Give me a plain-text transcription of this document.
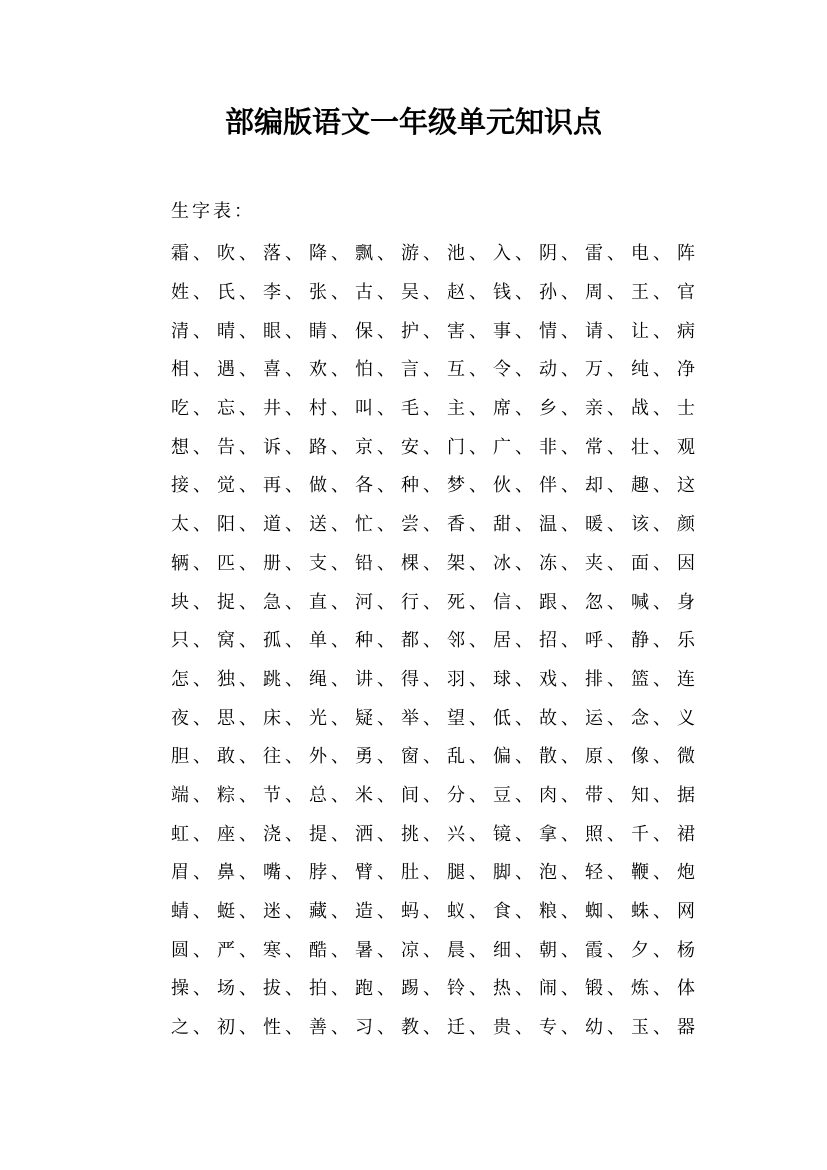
部编版语文一年级单元知识点
生字表：
霜 、 吹 、 落 、 降 、 飘 、 游 、 池 、 入 、 阴 、 雷 、 电 、 阵
姓 、 氏 、 李 、 张 、 古 、 吴 、 赵 、 钱 、 孙 、 周 、 王 、 官
清 、 晴 、 眼 、 睛 、 保 、 护 、 害 、 事 、 情 、 请 、 让 、 病
相 、 遇 、 喜 、 欢 、 怕 、 言 、 互 、 令 、 动 、 万 、 纯 、 净
吃 、 忘 、 井 、 村 、 叫 、 毛 、 主 、 席 、 乡 、 亲 、 战 、 士
想 、 告 、 诉 、 路 、 京 、 安 、 门 、 广 、 非 、 常 、 壮 、 观
接 、 觉 、 再 、 做 、 各 、 种 、 梦 、 伙 、 伴 、 却 、 趣 、 这
太 、 阳 、 道 、 送 、 忙 、 尝 、 香 、 甜 、 温 、 暖 、 该 、 颜
辆 、 匹 、 册 、 支 、 铅 、 棵 、 架 、 冰 、 冻 、 夹 、 面 、 因
块 、 捉 、 急 、 直 、 河 、 行 、 死 、 信 、 跟 、 忽 、 喊 、 身
只 、 窝 、 孤 、 单 、 种 、 都 、 邻 、 居 、 招 、 呼 、 静 、 乐
怎 、 独 、 跳 、 绳 、 讲 、 得 、 羽 、 球 、 戏 、 排 、 篮 、 连
夜 、 思 、 床 、 光 、 疑 、 举 、 望 、 低 、 故 、 运 、 念 、 义
胆 、 敢 、 往 、 外 、 勇 、 窗 、 乱 、 偏 、 散 、 原 、 像 、 微
端 、 粽 、 节 、 总 、 米 、 间 、 分 、 豆 、 肉 、 带 、 知 、 据
虹 、 座 、 浇 、 提 、 洒 、 挑 、 兴 、 镜 、 拿 、 照 、 千 、 裙
眉 、 鼻 、 嘴 、 脖 、 臂 、 肚 、 腿 、 脚 、 泡 、 轻 、 鞭 、 炮
蜻 、 蜓 、 迷 、 藏 、 造 、 蚂 、 蚁 、 食 、 粮 、 蜘 、 蛛 、 网
圆 、 严 、 寒 、 酷 、 暑 、 凉 、 晨 、 细 、 朝 、 霞 、 夕 、 杨
操 、 场 、 拔 、 拍 、 跑 、 踢 、 铃 、 热 、 闹 、 锻 、 炼 、 体
之 、 初 、 性 、 善 、 习 、 教 、 迁 、 贵 、 专 、 幼 、 玉 、 器
